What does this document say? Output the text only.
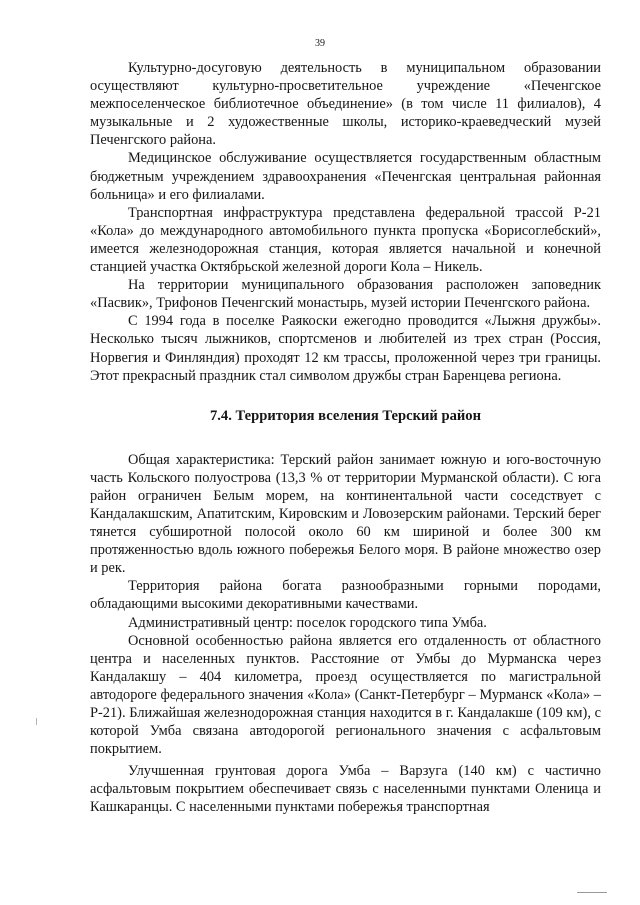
39

Культурно-досуговую деятельность в муниципальном образовании осуществляют культурно-просветительное учреждение «Печенгское межпоселенческое библиотечное объединение» (в том числе 11 филиалов), 4 музыкальные и 2 художественные школы, историко-краеведческий музей Печенгского района.

Медицинское обслуживание осуществляется государственным областным бюджетным учреждением здравоохранения «Печенгская центральная районная больница» и его филиалами.

Транспортная инфраструктура представлена федеральной трассой Р-21 «Кола» до международного автомобильного пункта пропуска «Борисоглебский», имеется железнодорожная станция, которая является начальной и конечной станцией участка Октябрьской железной дороги Кола – Никель.

На территории муниципального образования расположен заповедник «Пасвик», Трифонов Печенгский монастырь, музей истории Печенгского района.

С 1994 года в поселке Раякоски ежегодно проводится «Лыжня дружбы». Несколько тысяч лыжников, спортсменов и любителей из трех стран (Россия, Норвегия и Финляндия) проходят 12 км трассы, проложенной через три границы. Этот прекрасный праздник стал символом дружбы стран Баренцева региона.

7.4. Территория вселения Терский район

Общая характеристика: Терский район занимает южную и юго-восточную часть Кольского полуострова (13,3 % от территории Мурманской области). С юга район ограничен Белым морем, на континентальной части соседствует с Кандалакшским, Апатитским, Кировским и Ловозерским районами. Терский берег тянется субширотной полосой около 60 км шириной и более 300 км протяженностью вдоль южного побережья Белого моря. В районе множество озер и рек.

Территория района богата разнообразными горными породами, обладающими высокими декоративными качествами.

Административный центр: поселок городского типа Умба.

Основной особенностью района является его отдаленность от областного центра и населенных пунктов. Расстояние от Умбы до Мурманска через Кандалакшу – 404 километра, проезд осуществляется по магистральной автодороге федерального значения «Кола» (Санкт-Петербург – Мурманск «Кола» – Р-21). Ближайшая железнодорожная станция находится в г. Кандалакше (109 км), с которой Умба связана автодорогой регионального значения с асфальтовым покрытием.

Улучшенная грунтовая дорога Умба – Варзуга (140 км) с частично асфальтовым покрытием обеспечивает связь с населенными пунктами Оленица и Кашкаранцы. С населенными пунктами побережья транспортная
